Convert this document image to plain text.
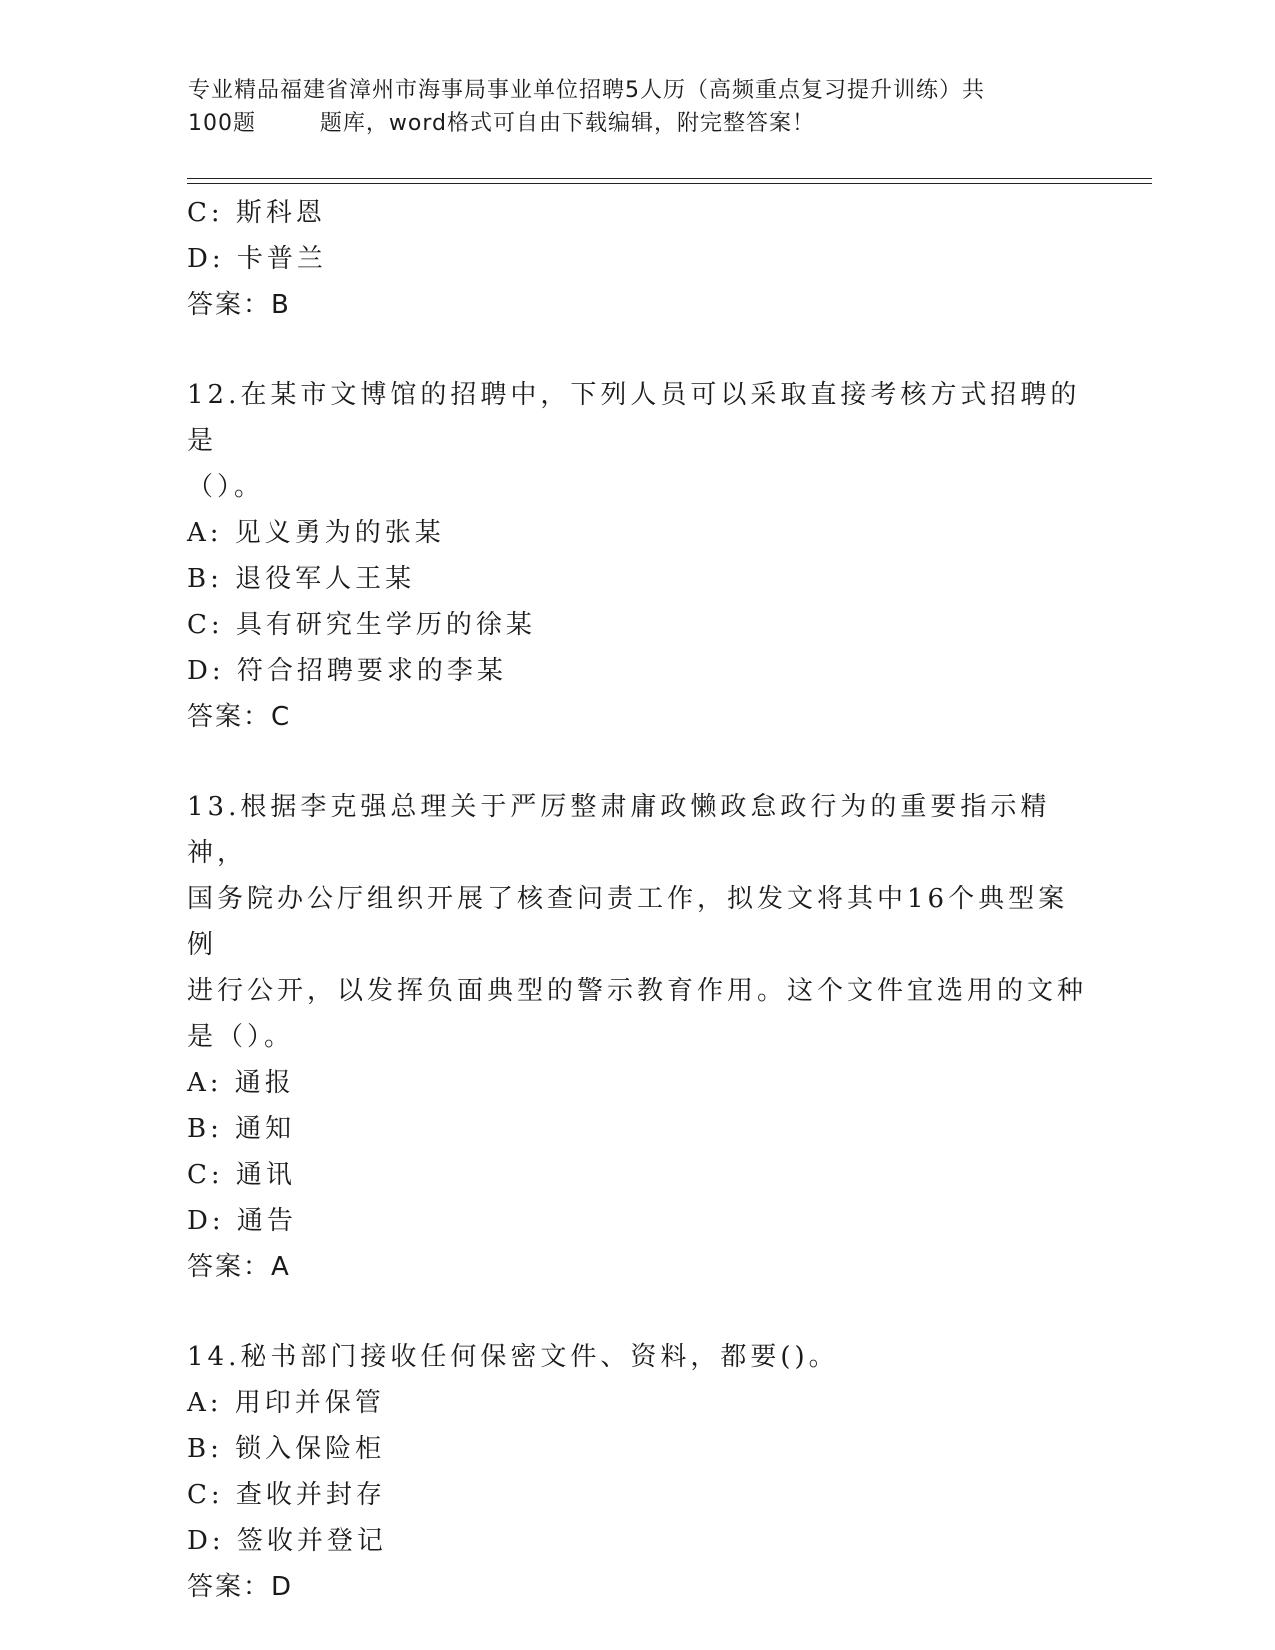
专业精品福建省漳州市海事局事业单位招聘5人历（高频重点复习提升训练）共
100题        题库，word格式可自由下载编辑，附完整答案！
C: 斯科恩
D: 卡普兰
答案：B
12.在某市文博馆的招聘中，下列人员可以采取直接考核方式招聘的是
（）。
A: 见义勇为的张某
B: 退役军人王某
C: 具有研究生学历的徐某
D: 符合招聘要求的李某
答案：C
13.根据李克强总理关于严厉整肃庸政懒政怠政行为的重要指示精神，
国务院办公厅组织开展了核查问责工作，拟发文将其中16个典型案例
进行公开，以发挥负面典型的警示教育作用。这个文件宜选用的文种
是（）。
A: 通报
B: 通知
C: 通讯
D: 通告
答案：A
14.秘书部门接收任何保密文件、资料，都要()。
A: 用印并保管
B: 锁入保险柜
C: 查收并封存
D: 签收并登记
答案：D
